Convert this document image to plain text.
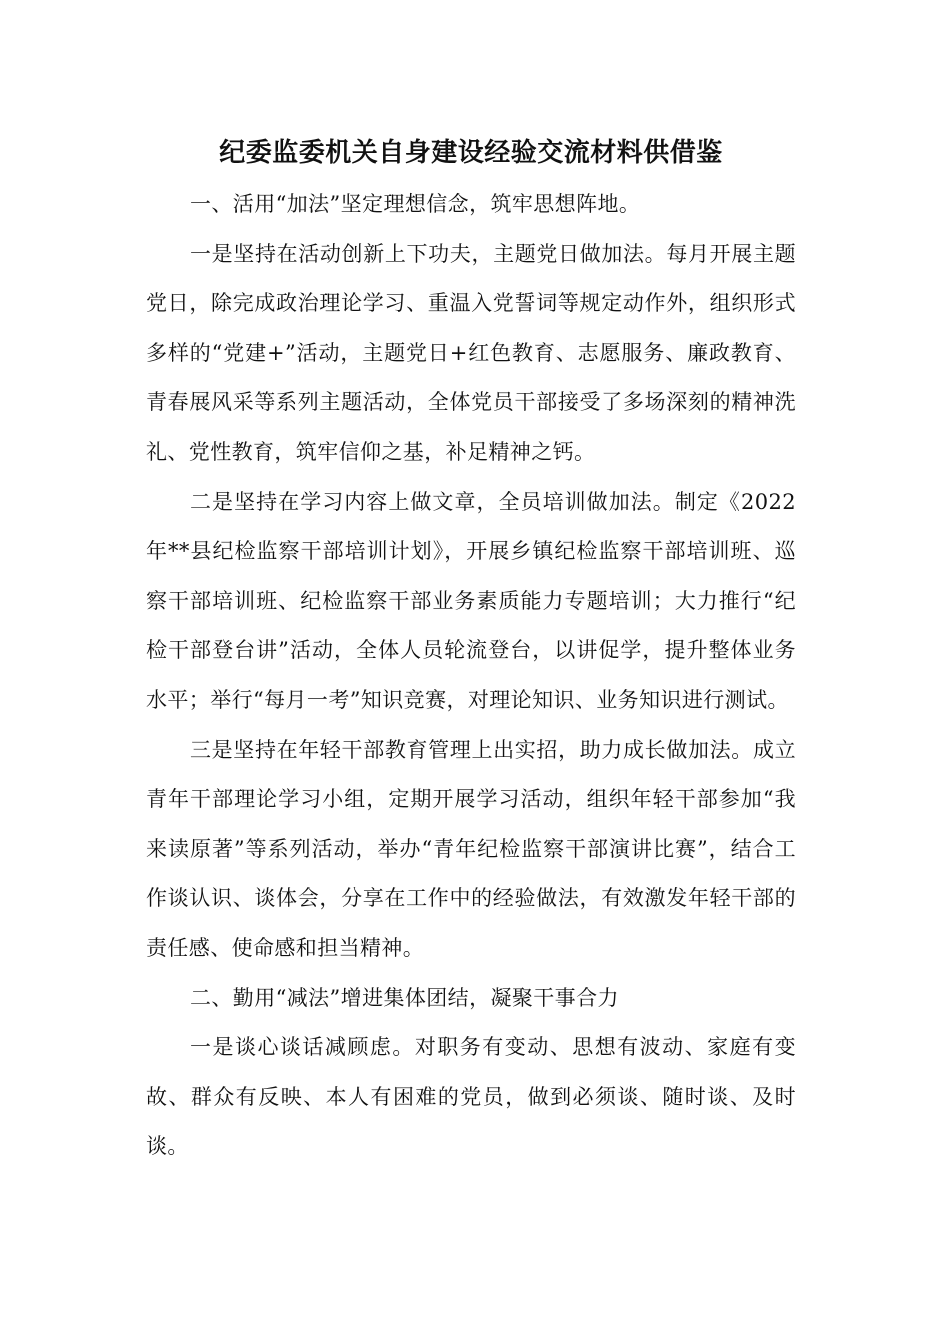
纪委监委机关自身建设经验交流材料供借鉴

一、活用“加法”坚定理想信念，筑牢思想阵地。

一是坚持在活动创新上下功夫，主题党日做加法。每月开展主题党日，除完成政治理论学习、重温入党誓词等规定动作外，组织形式多样的“党建+”活动，主题党日+红色教育、志愿服务、廉政教育、青春展风采等系列主题活动，全体党员干部接受了多场深刻的精神洗礼、党性教育，筑牢信仰之基，补足精神之钙。

二是坚持在学习内容上做文章，全员培训做加法。制定《2022年**县纪检监察干部培训计划》，开展乡镇纪检监察干部培训班、巡察干部培训班、纪检监察干部业务素质能力专题培训；大力推行“纪检干部登台讲”活动，全体人员轮流登台，以讲促学，提升整体业务水平；举行“每月一考”知识竞赛，对理论知识、业务知识进行测试。

三是坚持在年轻干部教育管理上出实招，助力成长做加法。成立青年干部理论学习小组，定期开展学习活动，组织年轻干部参加“我来读原著”等系列活动，举办“青年纪检监察干部演讲比赛”，结合工作谈认识、谈体会，分享在工作中的经验做法，有效激发年轻干部的责任感、使命感和担当精神。

二、勤用“减法”增进集体团结，凝聚干事合力

一是谈心谈话减顾虑。对职务有变动、思想有波动、家庭有变故、群众有反映、本人有困难的党员，做到必须谈、随时谈、及时谈。
